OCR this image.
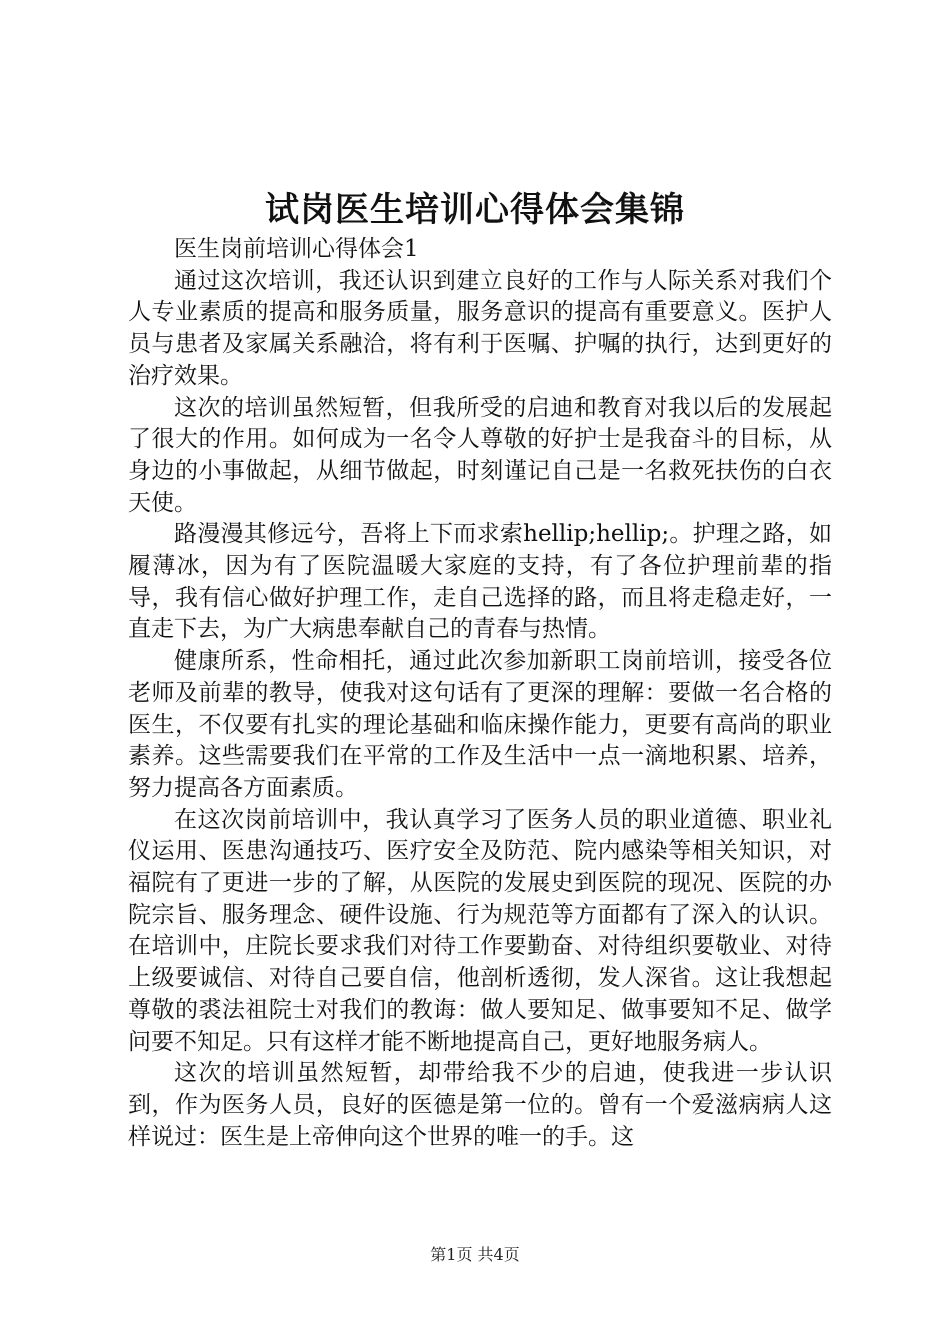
试岗医生培训心得体会集锦

医生岗前培训心得体会1

通过这次培训，我还认识到建立良好的工作与人际关系对我们个人专业素质的提高和服务质量，服务意识的提高有重要意义。医护人员与患者及家属关系融洽，将有利于医嘱、护嘱的执行，达到更好的治疗效果。

这次的培训虽然短暂，但我所受的启迪和教育对我以后的发展起了很大的作用。如何成为一名令人尊敬的好护士是我奋斗的目标，从身边的小事做起，从细节做起，时刻谨记自己是一名救死扶伤的白衣天使。

路漫漫其修远兮，吾将上下而求索hellip;hellip;。护理之路，如履薄冰，因为有了医院温暖大家庭的支持，有了各位护理前辈的指导，我有信心做好护理工作，走自己选择的路，而且将走稳走好，一直走下去，为广大病患奉献自己的青春与热情。

健康所系，性命相托，通过此次参加新职工岗前培训，接受各位老师及前辈的教导，使我对这句话有了更深的理解：要做一名合格的医生，不仅要有扎实的理论基础和临床操作能力，更要有高尚的职业素养。这些需要我们在平常的工作及生活中一点一滴地积累、培养，努力提高各方面素质。

在这次岗前培训中，我认真学习了医务人员的职业道德、职业礼仪运用、医患沟通技巧、医疗安全及防范、院内感染等相关知识，对福院有了更进一步的了解，从医院的发展史到医院的现况、医院的办院宗旨、服务理念、硬件设施、行为规范等方面都有了深入的认识。在培训中，庄院长要求我们对待工作要勤奋、对待组织要敬业、对待上级要诚信、对待自己要自信，他剖析透彻，发人深省。这让我想起尊敬的裘法祖院士对我们的教诲：做人要知足、做事要知不足、做学问要不知足。只有这样才能不断地提高自己，更好地服务病人。

这次的培训虽然短暂，却带给我不少的启迪，使我进一步认识到，作为医务人员，良好的医德是第一位的。曾有一个爱滋病病人这样说过：医生是上帝伸向这个世界的唯一的手。这

第1页 共4页
